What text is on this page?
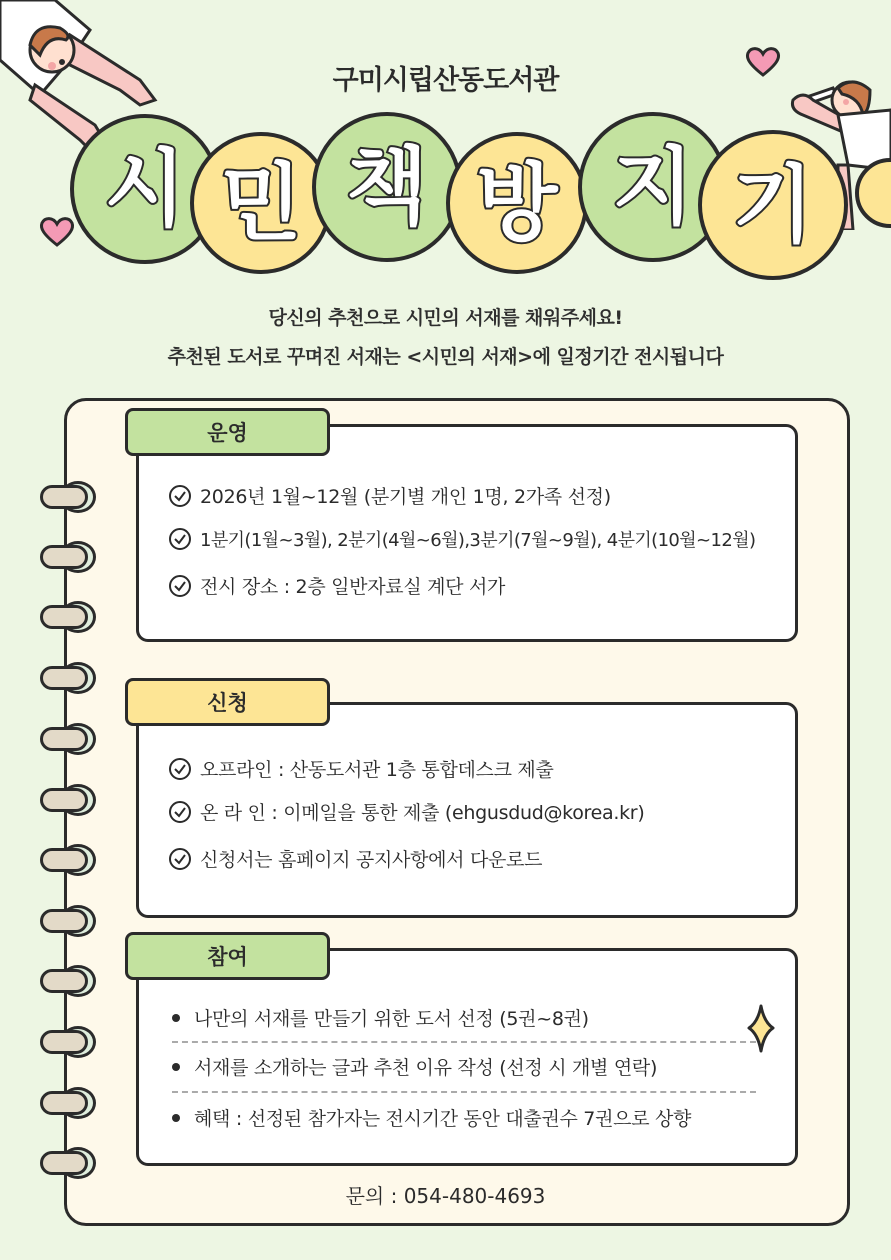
구미시립산동도서관
시 민 책 방 지 기
당신의 추천으로 시민의 서재를 채워주세요!
추천된 도서로 꾸며진 서재는 <시민의 서재>에 일정기간 전시됩니다
운영
2026년 1월~12월 (분기별 개인 1명, 2가족 선정)
1분기(1월~3월), 2분기(4월~6월),3분기(7월~9월), 4분기(10월~12월)
전시 장소 : 2층 일반자료실 계단 서가
신청
오프라인 : 산동도서관 1층 통합데스크 제출
온 라 인 : 이메일을 통한 제출 (ehgusdud@korea.kr)
신청서는 홈페이지 공지사항에서 다운로드
참여
나만의 서재를 만들기 위한 도서 선정 (5권~8권)
서재를 소개하는 글과 추천 이유 작성 (선정 시 개별 연락)
혜택 : 선정된 참가자는 전시기간 동안 대출권수 7권으로 상향
문의 : 054-480-4693
